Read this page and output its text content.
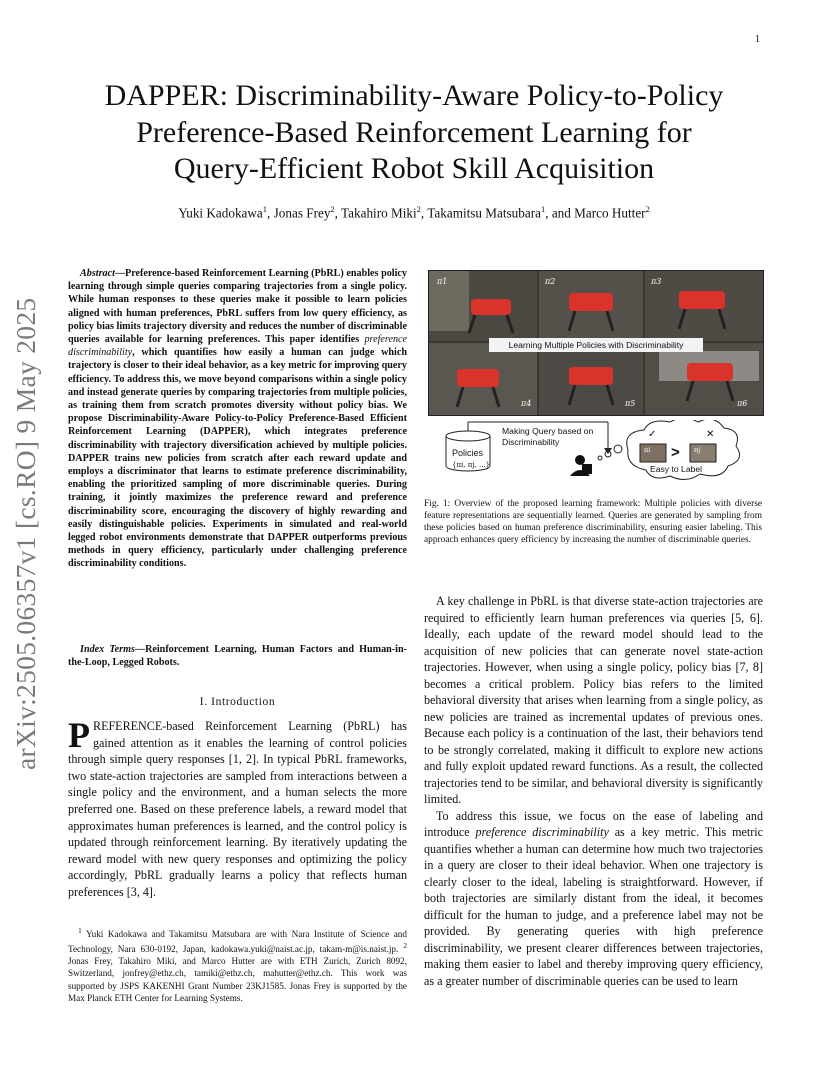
1
arXiv:2505.06357v1 [cs.RO] 9 May 2025
DAPPER: Discriminability-Aware Policy-to-Policy
Preference-Based Reinforcement Learning for
Query-Efficient Robot Skill Acquisition
Yuki Kadokawa$^1$, Jonas Frey$^2$, Takahiro Miki$^2$, Takamitsu Matsubara$^1$, and Marco Hutter$^2$

Abstract—Preference-based Reinforcement Learning (PbRL) enables policy learning through simple queries comparing trajectories from a single policy. While human responses to these queries make it possible to learn policies aligned with human preferences, PbRL suffers from low query efficiency, as policy bias limits trajectory diversity and reduces the number of discriminable queries available for learning preferences. This paper identifies preference discriminability, which quantifies how easily a human can judge which trajectory is closer to their ideal behavior, as a key metric for improving query efficiency. To address this, we move beyond comparisons within a single policy and instead generate queries by comparing trajectories from multiple policies, as training them from scratch promotes diversity without policy bias. We propose Discriminability-Aware Policy-to-Policy Preference-Based Efficient Reinforcement Learning (DAPPER), which integrates preference discriminability with trajectory diversification achieved by multiple policies. DAPPER trains new policies from scratch after each reward update and employs a discriminator that learns to estimate preference discriminability, enabling the prioritized sampling of more discriminable queries. During training, it jointly maximizes the preference reward and preference discriminability score, encouraging the discovery of highly rewarding and easily distinguishable policies. Experiments in simulated and real-world legged robot environments demonstrate that DAPPER outperforms previous methods in query efficiency, particularly under challenging preference discriminability conditions.

Index Terms—Reinforcement Learning, Human Factors and Human-in-the-Loop, Legged Robots.

I. Introduction

PREFERENCE-based Reinforcement Learning (PbRL) has gained attention as it enables the learning of control policies through simple query responses [1, 2]. In typical PbRL frameworks, two state-action trajectories are sampled from interactions between a single policy and the environment, and a human selects the more preferred one. Based on these preference labels, a reward model that approximates human preferences is learned, and the control policy is updated through reinforcement learning. By iteratively updating the reward model with new query responses and optimizing the policy accordingly, PbRL gradually learns a policy that reflects human preferences [3, 4].

$^1$ Yuki Kadokawa and Takamitsu Matsubara are with Nara Institute of Science and Technology, Nara 630-0192, Japan, kadokawa.yuki@naist.ac.jp, takam-m@is.naist.jp. $^2$ Jonas Frey, Takahiro Miki, and Marco Hutter are with ETH Zurich, Zurich 8092, Switzerland, jonfrey@ethz.ch, tamiki@ethz.ch, mahutter@ethz.ch. This work was supported by JSPS KAKENHI Grant Number 23KJ1585. Jonas Frey is supported by the Max Planck ETH Center for Learning Systems.

Learning Multiple Policies with Discriminability
π1	π2	π3
π4	π5	π6
Making Query based on Discriminability
Policies
{πi, πj, ...}
✓	✕
>
πi	πj
Easy to Label

Fig. 1: Overview of the proposed learning framework: Multiple policies with diverse feature representations are sequentially learned. Queries are generated by sampling from these policies based on human preference discriminability, ensuring easier labeling. This approach enhances query efficiency by increasing the number of discriminable queries.

A key challenge in PbRL is that diverse state-action trajectories are required to efficiently learn human preferences via queries [5, 6]. Ideally, each update of the reward model should lead to the acquisition of new policies that can generate novel state-action trajectories. However, when using a single policy, policy bias [7, 8] becomes a critical problem. Policy bias refers to the limited behavioral diversity that arises when learning from a single policy, as new policies are trained as incremental updates of previous ones. Because each policy is a continuation of the last, their behaviors tend to be strongly correlated, making it difficult to explore new actions and fully exploit updated reward functions. As a result, the collected trajectories tend to be similar, and behavioral diversity is significantly limited.

To address this issue, we focus on the ease of labeling and introduce preference discriminability as a key metric. This metric quantifies whether a human can determine how much two trajectories in a query are closer to their ideal behavior. When one trajectory is clearly closer to the ideal, labeling is straightforward. However, if both trajectories are similarly distant from the ideal, it becomes difficult for the human to judge, and a preference label may not be provided. By generating queries with high preference discriminability, we present clearer differences between trajectories, making them easier to label and thereby improving query efficiency, as a greater number of discriminable queries can be used to learn
